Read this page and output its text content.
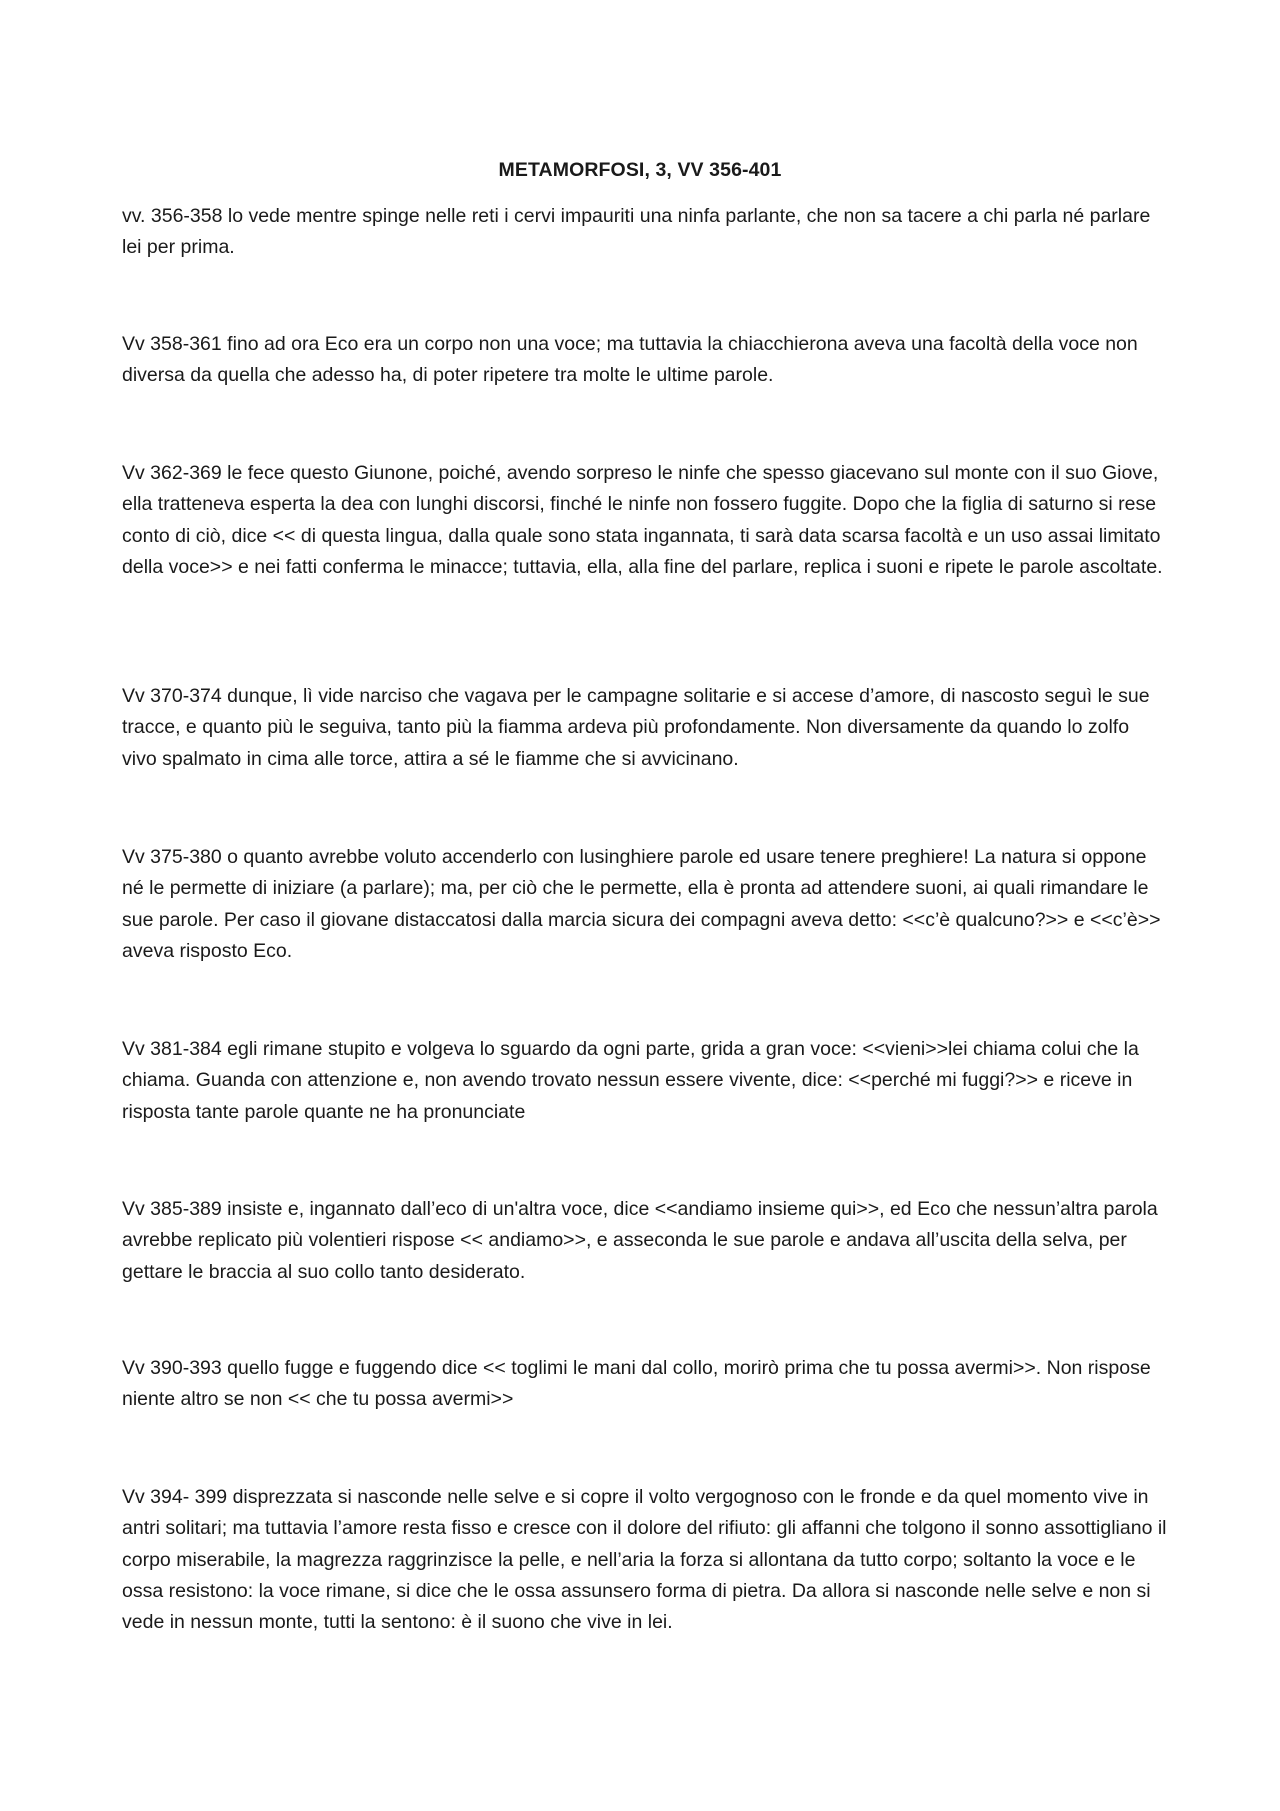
METAMORFOSI, 3, VV 356-401

vv. 356-358 lo vede mentre spinge nelle reti i cervi impauriti una ninfa parlante, che non sa tacere a chi parla né parlare lei per prima.

Vv 358-361 fino ad ora Eco era un corpo non una voce; ma tuttavia la chiacchierona aveva una facoltà della voce non diversa da quella che adesso ha, di poter ripetere tra molte le ultime parole.

Vv 362-369 le fece questo Giunone, poiché, avendo sorpreso le ninfe che spesso giacevano sul monte con il suo Giove, ella tratteneva esperta la dea con lunghi discorsi, finché le ninfe non fossero fuggite. Dopo che la figlia di saturno si rese conto di ciò, dice << di questa lingua, dalla quale sono stata ingannata, ti sarà data scarsa facoltà e un uso assai limitato della voce>> e nei fatti conferma le minacce; tuttavia, ella, alla fine del parlare, replica i suoni e ripete le parole ascoltate.

Vv 370-374 dunque, lì vide narciso che vagava per le campagne solitarie e si accese d’amore, di nascosto seguì le sue tracce, e quanto più le seguiva, tanto più la fiamma ardeva più profondamente. Non diversamente da quando lo zolfo vivo spalmato in cima alle torce, attira a sé le fiamme che si avvicinano.

Vv 375-380 o quanto avrebbe voluto accenderlo con lusinghiere parole ed usare tenere preghiere! La natura si oppone né le permette di iniziare (a parlare); ma, per ciò che le permette, ella è pronta ad attendere suoni, ai quali rimandare le sue parole. Per caso il giovane distaccatosi dalla marcia sicura dei compagni aveva detto: <<c’è qualcuno?>> e <<c’è>> aveva risposto Eco.

Vv 381-384 egli rimane stupito e volgeva lo sguardo da ogni parte, grida a gran voce: <<vieni>>lei chiama colui che la chiama. Guanda con attenzione e, non avendo trovato nessun essere vivente, dice: <<perché mi fuggi?>> e riceve in risposta tante parole quante ne ha pronunciate

Vv 385-389 insiste e, ingannato dall’eco di un'altra voce, dice <<andiamo insieme qui>>, ed Eco che nessun’altra parola avrebbe replicato più volentieri rispose << andiamo>>, e asseconda le sue parole e andava all’uscita della selva, per gettare le braccia al suo collo tanto desiderato.

Vv 390-393 quello fugge e fuggendo dice << toglimi le mani dal collo, morirò prima che tu possa avermi>>. Non rispose niente altro se non << che tu possa avermi>>

Vv 394- 399 disprezzata si nasconde nelle selve e si copre il volto vergognoso con le fronde e da quel momento vive in antri solitari; ma tuttavia l’amore resta fisso e cresce con il dolore del rifiuto: gli affanni che tolgono il sonno assottigliano il corpo miserabile, la magrezza raggrinzisce la pelle, e nell’aria la forza si allontana da tutto corpo; soltanto la voce e le ossa resistono: la voce rimane, si dice che le ossa assunsero forma di pietra. Da allora si nasconde nelle selve e non si vede in nessun monte, tutti la sentono: è il suono che vive in lei.
